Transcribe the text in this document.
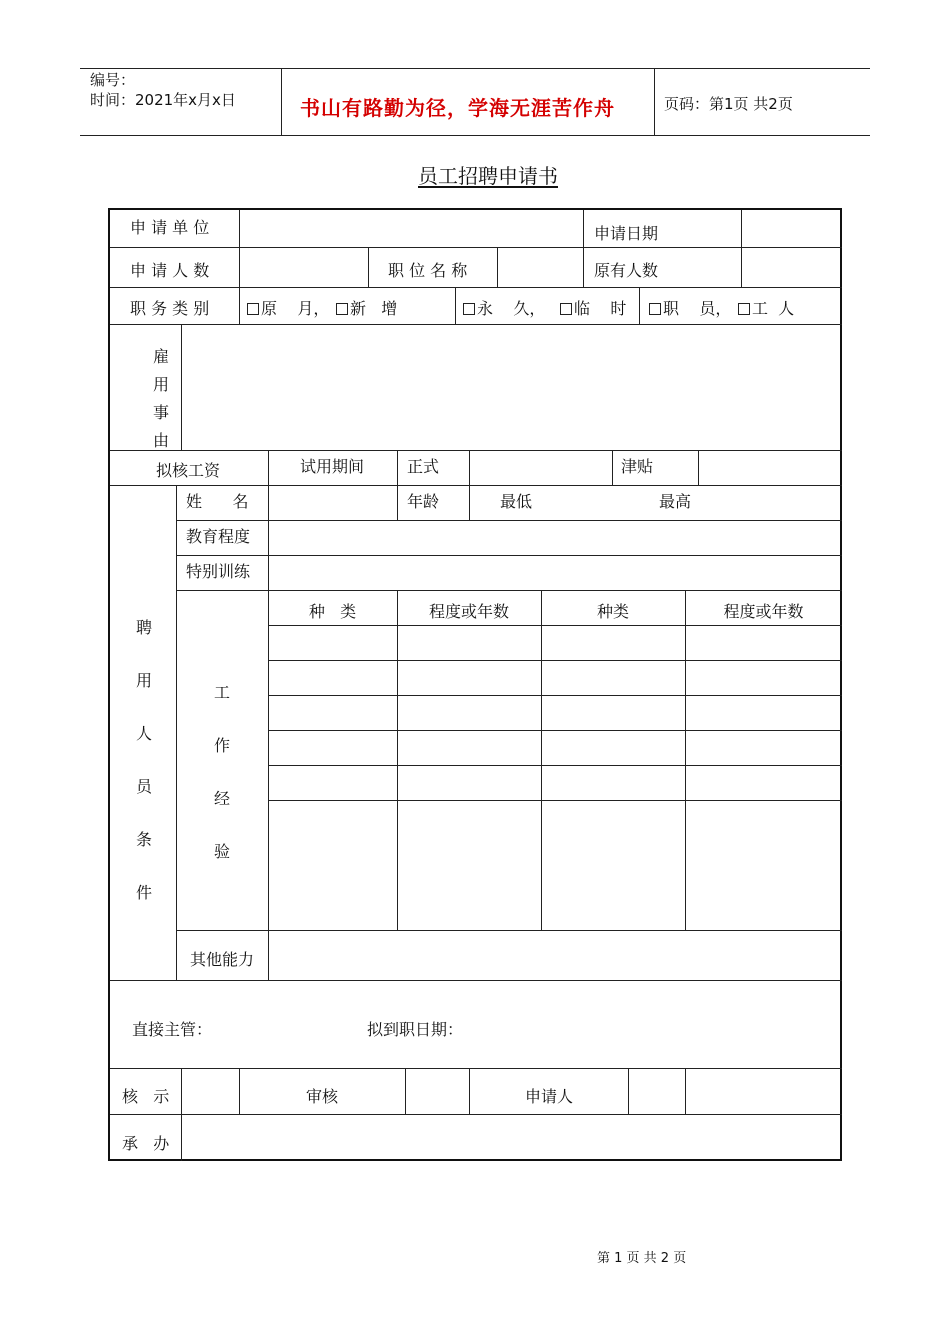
编号：
时间：2021年x月x日	书山有路勤为径，学海无涯苦作舟	页码：第1页 共2页
员工招聘申请书
申 请 单 位	申请日期
申 请 人 数	职 位 名 称	原有人数
职 务 类 别	原    月，	新   增	永    久，	临    时	职    员，	工  人
雇
用
事
由
拟核工资	试用期间	正式	津贴
聘
用
人
员
条
件
姓      名	年龄	最低	最高
教育程度
特别训练
工
作
经
验
种   类	程度或年数	种类	程度或年数
其他能力
直接主管：	拟到职日期：
核   示	审核	申请人
承   办
第 1 页 共 2 页
